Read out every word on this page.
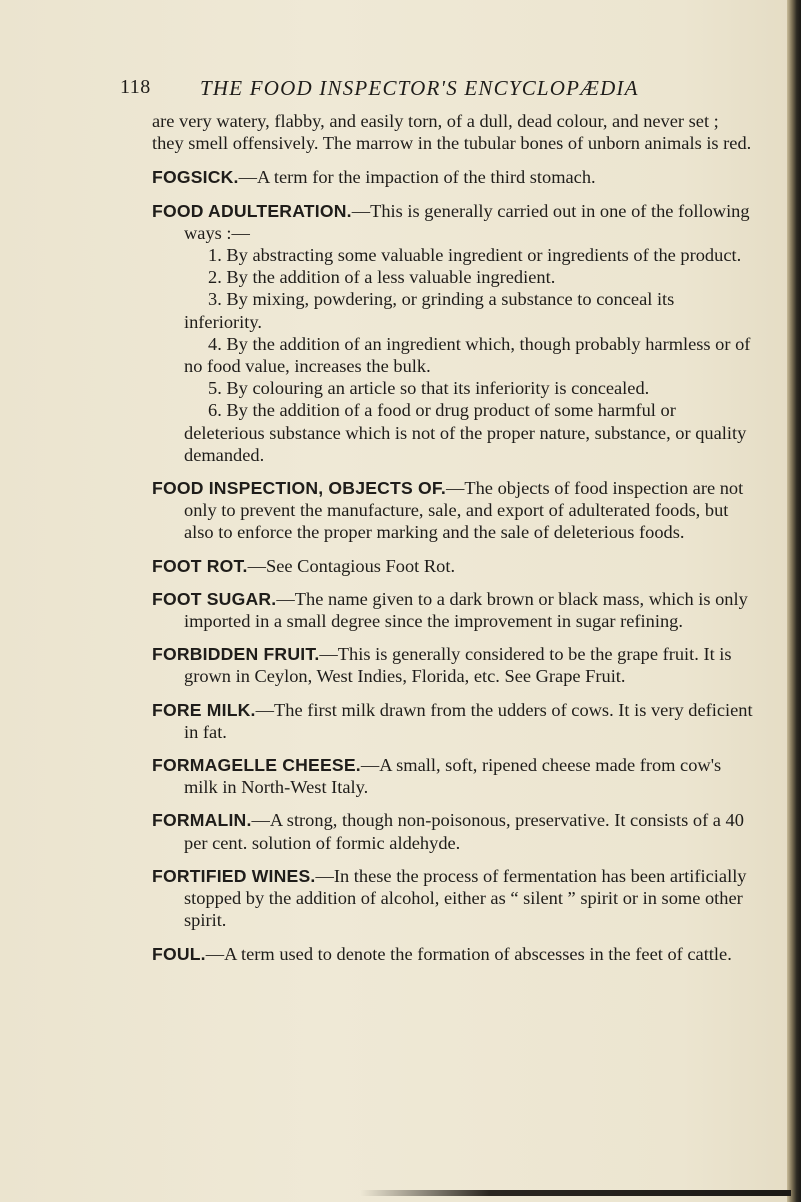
118 THE FOOD INSPECTOR'S ENCYCLOPÆDIA

are very watery, flabby, and easily torn, of a dull, dead colour, and never set ; they smell offensively. The marrow in the tubular bones of unborn animals is red.

FOGSICK.—A term for the impaction of the third stomach.
FOOD ADULTERATION.—This is generally carried out in one of the following ways :—

1. By abstracting some valuable ingredient or ingredients of the product.

2. By the addition of a less valuable ingredient.

3. By mixing, powdering, or grinding a substance to conceal its inferiority.

4. By the addition of an ingredient which, though probably harmless or of no food value, increases the bulk.

5. By colouring an article so that its inferiority is concealed.

6. By the addition of a food or drug product of some harmful or deleterious substance which is not of the proper nature, substance, or quality demanded.

FOOD INSPECTION, OBJECTS OF.—The objects of food inspection are not only to prevent the manufacture, sale, and export of adulterated foods, but also to enforce the proper marking and the sale of deleterious foods.
FOOT ROT.—See Contagious Foot Rot.
FOOT SUGAR.—The name given to a dark brown or black mass, which is only imported in a small degree since the improvement in sugar refining.
FORBIDDEN FRUIT.—This is generally considered to be the grape fruit. It is grown in Ceylon, West Indies, Florida, etc. See Grape Fruit.
FORE MILK.—The first milk drawn from the udders of cows. It is very deficient in fat.
FORMAGELLE CHEESE.—A small, soft, ripened cheese made from cow's milk in North-West Italy.
FORMALIN.—A strong, though non-poisonous, preservative. It consists of a 40 per cent. solution of formic aldehyde.
FORTIFIED WINES.—In these the process of fermentation has been artificially stopped by the addition of alcohol, either as “ silent ” spirit or in some other spirit.
FOUL.—A term used to denote the formation of abscesses in the feet of cattle.
